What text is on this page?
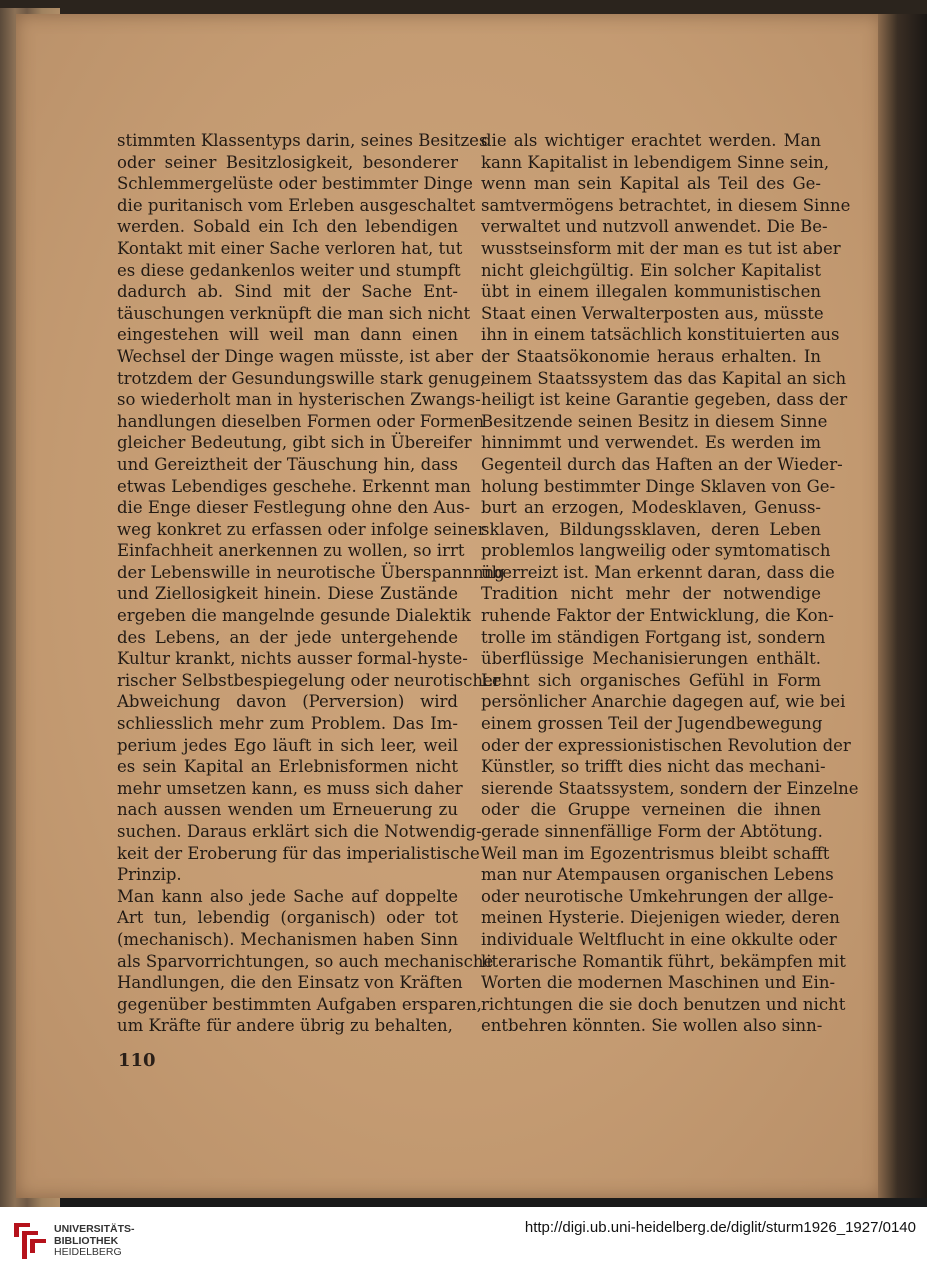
stimmten Klassentyps darin, seines Besitzes
oder seiner Besitzlosigkeit, besonderer
Schlemmergelüste oder bestimmter Dinge
die puritanisch vom Erleben ausgeschaltet
werden. Sobald ein Ich den lebendigen
Kontakt mit einer Sache verloren hat, tut
es diese gedankenlos weiter und stumpft
dadurch ab. Sind mit der Sache Ent-
täuschungen verknüpft die man sich nicht
eingestehen will weil man dann einen
Wechsel der Dinge wagen müsste, ist aber
trotzdem der Gesundungswille stark genug,
so wiederholt man in hysterischen Zwangs-
handlungen dieselben Formen oder Formen
gleicher Bedeutung, gibt sich in Übereifer
und Gereiztheit der Täuschung hin, dass
etwas Lebendiges geschehe. Erkennt man
die Enge dieser Festlegung ohne den Aus-
weg konkret zu erfassen oder infolge seiner
Einfachheit anerkennen zu wollen, so irrt
der Lebenswille in neurotische Überspannnng
und Ziellosigkeit hinein. Diese Zustände
ergeben die mangelnde gesunde Dialektik
des Lebens, an der jede untergehende
Kultur krankt, nichts ausser formal-hyste-
rischer Selbstbespiegelung oder neurotischer
Abweichung davon (Perversion) wird
schliesslich mehr zum Problem. Das Im-
perium jedes Ego läuft in sich leer, weil
es sein Kapital an Erlebnisformen nicht
mehr umsetzen kann, es muss sich daher
nach aussen wenden um Erneuerung zu
suchen. Daraus erklärt sich die Notwendig-
keit der Eroberung für das imperialistische
Prinzip.
Man kann also jede Sache auf doppelte
Art tun, lebendig (organisch) oder tot
(mechanisch). Mechanismen haben Sinn
als Sparvorrichtungen, so auch mechanische
Handlungen, die den Einsatz von Kräften
gegenüber bestimmten Aufgaben ersparen,
um Kräfte für andere übrig zu behalten,
die als wichtiger erachtet werden. Man
kann Kapitalist in lebendigem Sinne sein,
wenn man sein Kapital als Teil des Ge-
samtvermögens betrachtet, in diesem Sinne
verwaltet und nutzvoll anwendet. Die Be-
wusstseinsform mit der man es tut ist aber
nicht gleichgültig. Ein solcher Kapitalist
übt in einem illegalen kommunistischen
Staat einen Verwalterposten aus, müsste
ihn in einem tatsächlich konstituierten aus
der Staatsökonomie heraus erhalten. In
einem Staatssystem das das Kapital an sich
heiligt ist keine Garantie gegeben, dass der
Besitzende seinen Besitz in diesem Sinne
hinnimmt und verwendet. Es werden im
Gegenteil durch das Haften an der Wieder-
holung bestimmter Dinge Sklaven von Ge-
burt an erzogen, Modesklaven, Genuss-
sklaven, Bildungssklaven, deren Leben
problemlos langweilig oder symtomatisch
überreizt ist. Man erkennt daran, dass die
Tradition nicht mehr der notwendige
ruhende Faktor der Entwicklung, die Kon-
trolle im ständigen Fortgang ist, sondern
überflüssige Mechanisierungen enthält.
Lehnt sich organisches Gefühl in Form
persönlicher Anarchie dagegen auf, wie bei
einem grossen Teil der Jugendbewegung
oder der expressionistischen Revolution der
Künstler, so trifft dies nicht das mechani-
sierende Staatssystem, sondern der Einzelne
oder die Gruppe verneinen die ihnen
gerade sinnenfällige Form der Abtötung.
Weil man im Egozentrismus bleibt schafft
man nur Atempausen organischen Lebens
oder neurotische Umkehrungen der allge-
meinen Hysterie. Diejenigen wieder, deren
individuale Weltflucht in eine okkulte oder
literarische Romantik führt, bekämpfen mit
Worten die modernen Maschinen und Ein-
richtungen die sie doch benutzen und nicht
entbehren könnten. Sie wollen also sinn-
110
UNIVERSITÄTS-
BIBLIOTHEK
HEIDELBERG
http://digi.ub.uni-heidelberg.de/diglit/sturm1926_1927/0140
